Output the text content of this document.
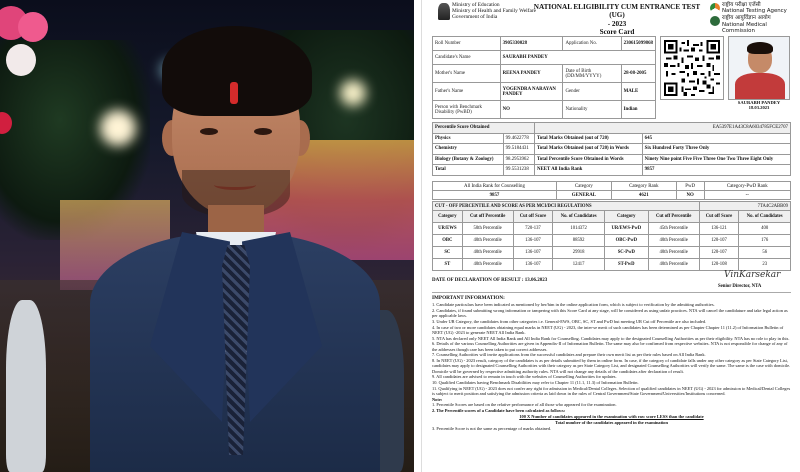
Ministry of Education
Ministry of Health and Family Welfare
Government of India
NATIONAL ELIGIBILITY CUM ENTRANCE TEST (UG)
- 2023
Score Card
राष्ट्रीय परीक्षा एजेंसी
National Testing Agency
राष्ट्रीय आयुर्विज्ञान आयोग
National Medical Commission
Roll Number	3905330028	Application No.	230615099868
Candidate's Name	SAURABH PANDEY		
Mother's Name	REENA PANDEY	Date of Birth (DD/MM/YYYY)	28-08-2005
Father's Name	YOGENDRA NARAYAN PANDEY	Gender	MALE
Person with Benchmark Disability (PwBD)	NO	Nationality	Indian
SAURABH PANDEY 18.03.2023
Percentile Score Obtained		EA5397E1A43C8A6034785FCE2707	
Physics	99.4622778	Total Marks Obtained (out of 720)	645
Chemistry	99.5184431	Total Marks Obtained (out of 720) in Words	Six Hundred Forty Three Only
Biology (Botany & Zoology)	98.2953962	Total Percentile Score Obtained in Words	Ninety Nine point Five Five Three One Two Three Eight Only
Total	99.5531238	NEET All India Rank	9857
All India Rank for Counselling	Category	Category Rank	PwD	Category-PwD Rank
9857	GENERAL	4621	NO	--
CUT - OFF PERCENTILE AND SCORE AS PER MCI/DCI REGULATIONS						7TA4C2ABB09	
Category	Cut off Percentile	Cut off Score	No. of Candidates	Category	Cut off Percentile	Cut off Score	No. of Candidates
UR/EWS	50th Percentile	720-137	1014372	UR/EWS-PwD	45th Percentile	136-121	400
OBC	40th Percentile	136-107	88592	OBC-PwD	40th Percentile	120-107	176
SC	40th Percentile	136-107	29918	SC-PwD	40th Percentile	120-107	56
ST	40th Percentile	136-107	12417	ST-PwD	40th Percentile	120-108	23
DATE OF DECLARATION OF RESULT : 13.06.2023
VinKarsekar
Senior Director, NTA
IMPORTANT INFORMATION:

1. Candidate particulars have been indicated as mentioned by her/him in the online application form, which is subject to verification by the admitting authorities.

2. Candidates, if found submitting wrong information or tampering with this Score Card at any stage, will be considered as using unfair practices. NTA will cancel the candidature and take legal action as per applicable laws.

3. Under UR Category, the candidates from other categories i.e. General-EWS, OBC, SC, ST and PwD but meeting UR Cut off Percentile are also included.

4. In case of two or more candidates obtaining equal marks in NEET (UG) - 2023, the inter-se merit of such candidates has been determined as per Chapter Chapter 11 (11.2) of Information Bulletin of NEET (UG) -2023 to generate NEET All India Rank.

5. NTA has declared only NEET All India Rank and All India Rank for Counselling. Candidates may apply to the designated Counselling Authorities as per their eligibility. NTA has no role to play in this.

6. Details of the various Counselling Authorities are given in Appendix-II of Information Bulletin. The same may also be confirmed from respective websites. NTA is not responsible for change of any of the addresses though care has been taken to put correct addresses.

7. Counselling Authorities will invite applications from the successful candidates and prepare their own merit list as per their rules based on All India Rank.

8. In NEET (UG) - 2023 result, category of the candidates is as per details submitted by them in online form. In case, if the category of candidate falls under any other category as per State Category List, candidates may apply to designated Counselling Authorities with their category as per State Category List, and designated Counselling Authorities will verify the same. The same is the case with domicile. Domicile will be governed by respective admitting authority rules. NTA will not change any details of the candidates after declaration of result.

9. All candidates are advised to remain in touch with the websites of Counselling Authorities for updates.

10. Qualified Candidates having Benchmark Disabilities may refer to Chapter 11 (11.1, 11.3) of Information Bulletin.

11. Qualifying in NEET (UG) - 2023 does not confer any right for admission in Medical/Dental Colleges. Selection of qualified candidates in NEET (UG) - 2023 for admission to Medical/Dental Colleges is subject to merit position and satisfying the admission criteria as laid down in the rules of Central Government/State Government/Universities/Institutions concerned.

Note:

1. Percentile Scores are based on the relative performance of all those who appeared for the examination.

2. The Percentile scores of a Candidate have been calculated as follows:

100 X Number of candidates appeared in the examination with raw score LESS than the candidate
Total number of the candidates appeared in the examination

3. Percentile Score is not the same as percentage of marks obtained.
